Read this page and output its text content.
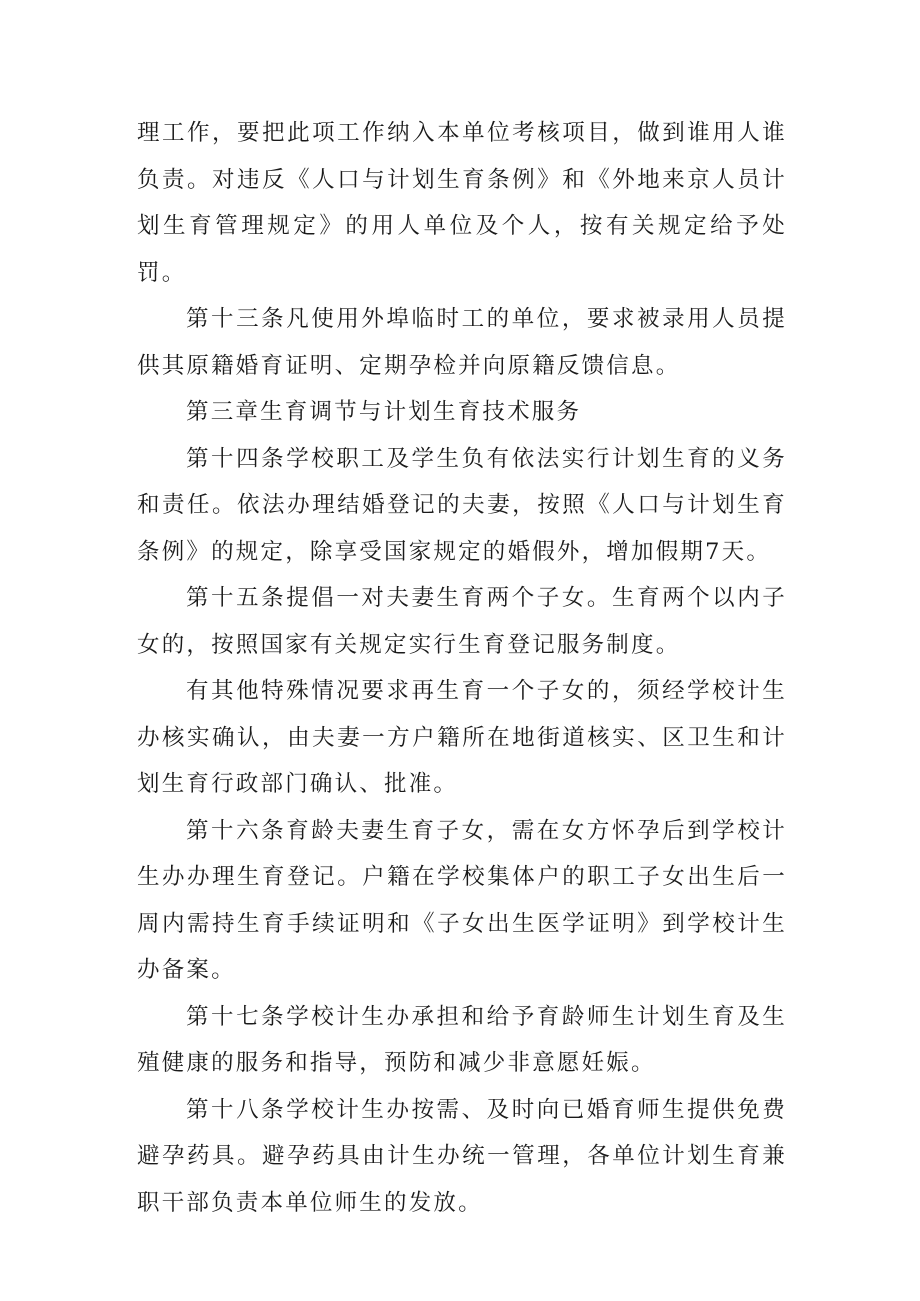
理工作，要把此项工作纳入本单位考核项目，做到谁用人谁负责。对违反《人口与计划生育条例》和《外地来京人员计划生育管理规定》的用人单位及个人，按有关规定给予处罚。

第十三条凡使用外埠临时工的单位，要求被录用人员提供其原籍婚育证明、定期孕检并向原籍反馈信息。

第三章生育调节与计划生育技术服务

第十四条学校职工及学生负有依法实行计划生育的义务和责任。依法办理结婚登记的夫妻，按照《人口与计划生育条例》的规定，除享受国家规定的婚假外，增加假期7天。

第十五条提倡一对夫妻生育两个子女。生育两个以内子女的，按照国家有关规定实行生育登记服务制度。

有其他特殊情况要求再生育一个子女的，须经学校计生办核实确认，由夫妻一方户籍所在地街道核实、区卫生和计划生育行政部门确认、批准。

第十六条育龄夫妻生育子女，需在女方怀孕后到学校计生办办理生育登记。户籍在学校集体户的职工子女出生后一周内需持生育手续证明和《子女出生医学证明》到学校计生办备案。

第十七条学校计生办承担和给予育龄师生计划生育及生殖健康的服务和指导，预防和减少非意愿妊娠。

第十八条学校计生办按需、及时向已婚育师生提供免费避孕药具。避孕药具由计生办统一管理，各单位计划生育兼职干部负责本单位师生的发放。
